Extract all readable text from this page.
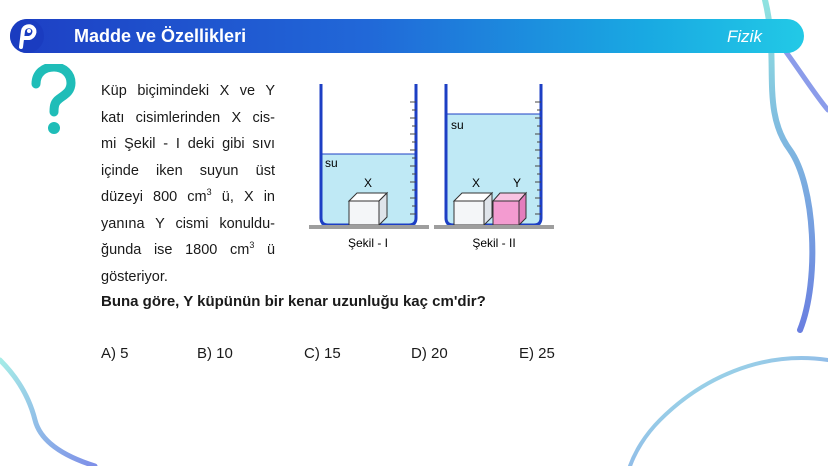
Madde ve Özellikleri	Fizik
Küp biçimindeki X ve Y
katı cisimlerinden X cis-
mi Şekil - I deki gibi sıvı
içinde iken suyun üst
düzeyi 800 $cm^3$ ü, X in
yanına Y cismi konuldu-
ğunda ise 1800 $cm^3$ ü
gösteriyor.
su
X
Şekil - I
su
X	Y
Şekil - II
Buna göre, Y küpünün bir kenar uzunluğu kaç cm'dir?
A) 5	B) 10	C) 15	D) 20	E) 25
